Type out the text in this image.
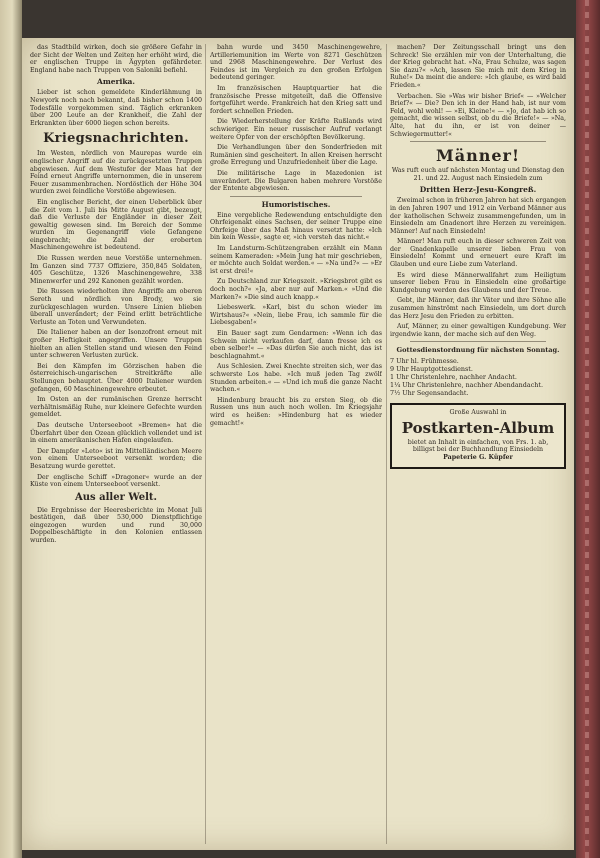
das Stadtbild wirken, doch sie größere Gefahr in der Sicht der Welten und Zeiten her erhöht wird, die er englischen Truppe in Ägypten gefährdeter. England habe nach Truppen von Saloniki befiehl.

Amerika.

Lieber ist schon gemeldete Kinderlähmung in Newyork noch nach bekannt, daß bisher schon 1400 Todesfälle vorgekommen sind. Täglich erkranken über 200 Leute an der Krankheit, die Zahl der Erkrankten über 6000 liegen schon bereits.

Kriegsnachrichten.

Im Westen, nördlich von Maurepas wurde ein englischer Angriff auf die zurückgesetzten Truppen abgewiesen. Auf dem Westufer der Maas hat der Feind erneut Angriffe unternommen, die in unserem Feuer zusammenbrachen. Nordöstlich der Höhe 304 wurden zwei feindliche Vorstöße abgewiesen.

Ein englischer Bericht, der einen Ueberblick über die Zeit vom 1. Juli bis Mitte August gibt, bezeugt, daß die Verluste der Engländer in dieser Zeit gewaltig gewesen sind. Im Bereich der Somme wurden im Gegenangriff viele Gefangene eingebracht; die Zahl der eroberten Maschinengewehre ist bedeutend.

Die Russen werden neue Vorstöße unternehmen. Im Ganzen sind 7737 Offiziere, 350,845 Soldaten, 405 Geschütze, 1326 Maschinengewehre, 338 Minenwerfer und 292 Kanonen gezählt worden.

Die Russen wiederholten ihre Angriffe am oberen Sereth und nördlich von Brody, wo sie zurückgeschlagen wurden. Unsere Linien blieben überall unverändert; der Feind erlitt beträchtliche Verluste an Toten und Verwundeten.

Die Italiener haben an der Isonzofront erneut mit großer Heftigkeit angegriffen. Unsere Truppen hielten an allen Stellen stand und wiesen den Feind unter schweren Verlusten zurück.

Bei den Kämpfen im Görzischen haben die österreichisch-ungarischen Streitkräfte alle Stellungen behauptet. Über 4000 Italiener wurden gefangen, 60 Maschinengewehre erbeutet.

Im Osten an der rumänischen Grenze herrscht verhältnismäßig Ruhe, nur kleinere Gefechte wurden gemeldet.

Das deutsche Unterseeboot »Bremen« hat die Überfahrt über den Ozean glücklich vollendet und ist in einem amerikanischen Hafen eingelaufen.

Der Dampfer »Leto« ist im Mittelländischen Meere von einem Unterseeboot versenkt worden; die Besatzung wurde gerettet.

Der englische Schiff »Dragoner« wurde an der Küste von einem Unterseeboot versenkt.

Aus aller Welt.

Die Ergebnisse der Heeresberichte im Monat Juli bestätigen, daß über 530,000 Dienstpflichtige eingezogen wurden und rund 30,000 Doppelbeschäftigte in den Kolonien entlassen wurden.

bahn wurde und 3450 Maschinengewehre, Artilleriemunition im Werte von 8271 Geschützen und 2968 Maschinengewehre. Der Verlust des Feindes ist im Vergleich zu den großen Erfolgen bedeutend geringer.

Im französischen Hauptquartier hat die französische Presse mitgeteilt, daß die Offensive fortgeführt werde. Frankreich hat den Krieg satt und fordert schnellen Frieden.

Die Wiederherstellung der Kräfte Rußlands wird schwieriger. Ein neuer russischer Aufruf verlangt weitere Opfer von der erschöpften Bevölkerung.

Die Verhandlungen über den Sonderfrieden mit Rumänien sind gescheitert. In allen Kreisen herrscht große Erregung und Unzufriedenheit über die Lage.

Die militärische Lage in Mazedonien ist unverändert. Die Bulgaren haben mehrere Vorstöße der Entente abgewiesen.

Humoristisches.

Eine vergebliche Redewendung entschuldigte den Ohrfeigenakt eines Sachsen, der seiner Truppe eine Ohrfeige über das Maß hinaus versetzt hatte: »Ich bin kein Wessi«, sagte er, »ich versteh das nicht.«

Im Landsturm-Schützengraben erzählt ein Mann seinem Kameraden: »Mein Jung hat mir geschrieben, er möchte auch Soldat werden.« — »Na und?« — »Er ist erst drei!«

Zu Deutschland zur Kriegszeit. »Kriegsbrot gibt es doch noch?« »Ja, aber nur auf Marken.« »Und die Marken?« »Die sind auch knapp.«

Liebeswerk. »Karl, bist du schon wieder im Wirtshaus?« »Nein, liebe Frau, ich sammle für die Liebesgaben!«

Ein Bauer sagt zum Gendarmen: »Wenn ich das Schwein nicht verkaufen darf, dann fresse ich es eben selber!« — »Das dürfen Sie auch nicht, das ist beschlagnahmt.«

Aus Schlesien. Zwei Knechte streiten sich, wer das schwerste Los habe. »Ich muß jeden Tag zwölf Stunden arbeiten.« — »Und ich muß die ganze Nacht wachen.«

Hindenburg braucht bis zu ersten Sieg, ob die Russen uns nun auch noch wollen. Im Kriegsjahr wird es heißen: »Hindenburg hat es wieder gemacht!«

machen? Der Zeitungsschall bringt uns den Schreck! Sie erzählen mir von der Unterhaltung, die der Krieg gebracht hat. »Na, Frau Schulze, was sagen Sie dazu?« »Ach, lassen Sie mich mit dem Krieg in Ruhe!« Da meint die andere: »Ich glaube, es wird bald Frieden.«

Verbachen. Sie »Was wir bisher Brief« — »Welcher Brief?« — Die? Den ich in der Hand hab, ist nur vom Feld, wohl wohl! — »Ei, Kleine!« — »Jo, dat hab ich so gemacht, die wissen selbst, ob du die Briefe!« — »Na, Alte, hat du ihn, er ist von deiner — Schwiegermutter!«

Männer!

Was ruft euch auf nächsten Montag und Dienstag den 21. und 22. August nach Einsiedeln zum

Dritten Herz-Jesu-Kongreß.

Zweimal schon in früheren Jahren hat sich ergangen in den Jahren 1907 und 1912 ein Verband Männer aus der katholischen Schweiz zusammengefunden, um in Einsiedeln am Gnadenort ihre Herzen zu vereinigen. Männer! Auf nach Einsiedeln!

Männer! Man ruft euch in dieser schweren Zeit von der Gnadenkapelle unserer lieben Frau von Einsiedeln! Kommt und erneuert eure Kraft im Glauben und eure Liebe zum Vaterland.

Es wird diese Männerwallfahrt zum Heiligtum unserer lieben Frau in Einsiedeln eine großartige Kundgebung werden des Glaubens und der Treue.

Gebt, ihr Männer, daß ihr Väter und ihre Söhne alle zusammen hinströmt nach Einsiedeln, um dort durch das Herz Jesu den Frieden zu erbitten.

Auf, Männer, zu einer gewaltigen Kundgebung. Wer irgendwie kann, der mache sich auf den Weg.

Gottesdienstordnung für nächsten Sonntag.
7 Uhr hl. Frühmesse.
9 Uhr Hauptgottesdienst.
1 Uhr Christenlehre, nachher Andacht.
1¼ Uhr Christenlehre, nachher Abendandacht.
7½ Uhr Segensandacht.
Große Auswahl in
Postkarten-Album
bietet an Inhalt in einfachen, von Frs. 1. ab, billigst bei der Buchhandlung Einsiedeln
Papeterie G. Küpfer
